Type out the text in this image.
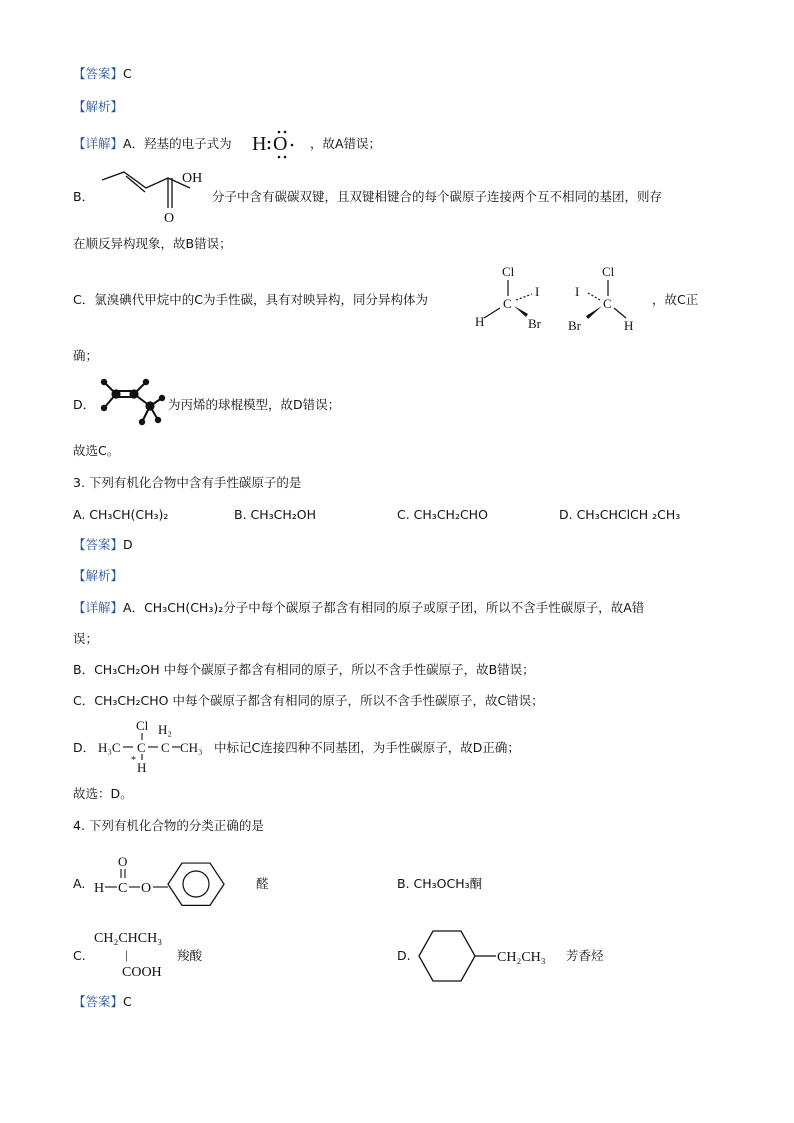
【答案】C
【解析】
【详解】A．羟基的电子式为 H O ，故A错误；
B．
OH
O
分子中含有碳碳双键，且双键相键合的每个碳原子连接两个互不相同的基团，则存
在顺反异构现象，故B错误；
C．氯溴碘代甲烷中的C为手性碳，具有对映异构，同分异构体为
Cl
C
H	Br
I
Cl
C
I
Br	H
，故C正
确；
D．	为丙烯的球棍模型，故D错误；
故选C。
3. 下列有机化合物中含有手性碳原子的是
A. CH₃CH(CH₃)₂	B. CH₃CH₂OH	C. CH₃CH₂CHO	D. CH₃CHClCH ₂CH₃
【答案】D
【解析】
【详解】A．CH₃CH(CH₃)₂分子中每个碳原子都含有相同的原子或原子团，所以不含手性碳原子，故A错
误；
B．CH₃CH₂OH 中每个碳原子都含有相同的原子，所以不含手性碳原子，故B错误；
C．CH₃CH₂CHO 中每个碳原子都含有相同的原子，所以不含手性碳原子，故C错误；
D．
Cl H₂
H₃C C C CH₃
* H
中标记C连接四种不同基团，为手性碳原子，故D正确；
故选：D。
4. 下列有机化合物的分类正确的是
A.
O
H C O	醛	B. CH₃OCH₃酮
C.
CH₂CHCH₃
|
COOH
羧酸	D.	CH₂CH₃ 芳香烃
【答案】C
